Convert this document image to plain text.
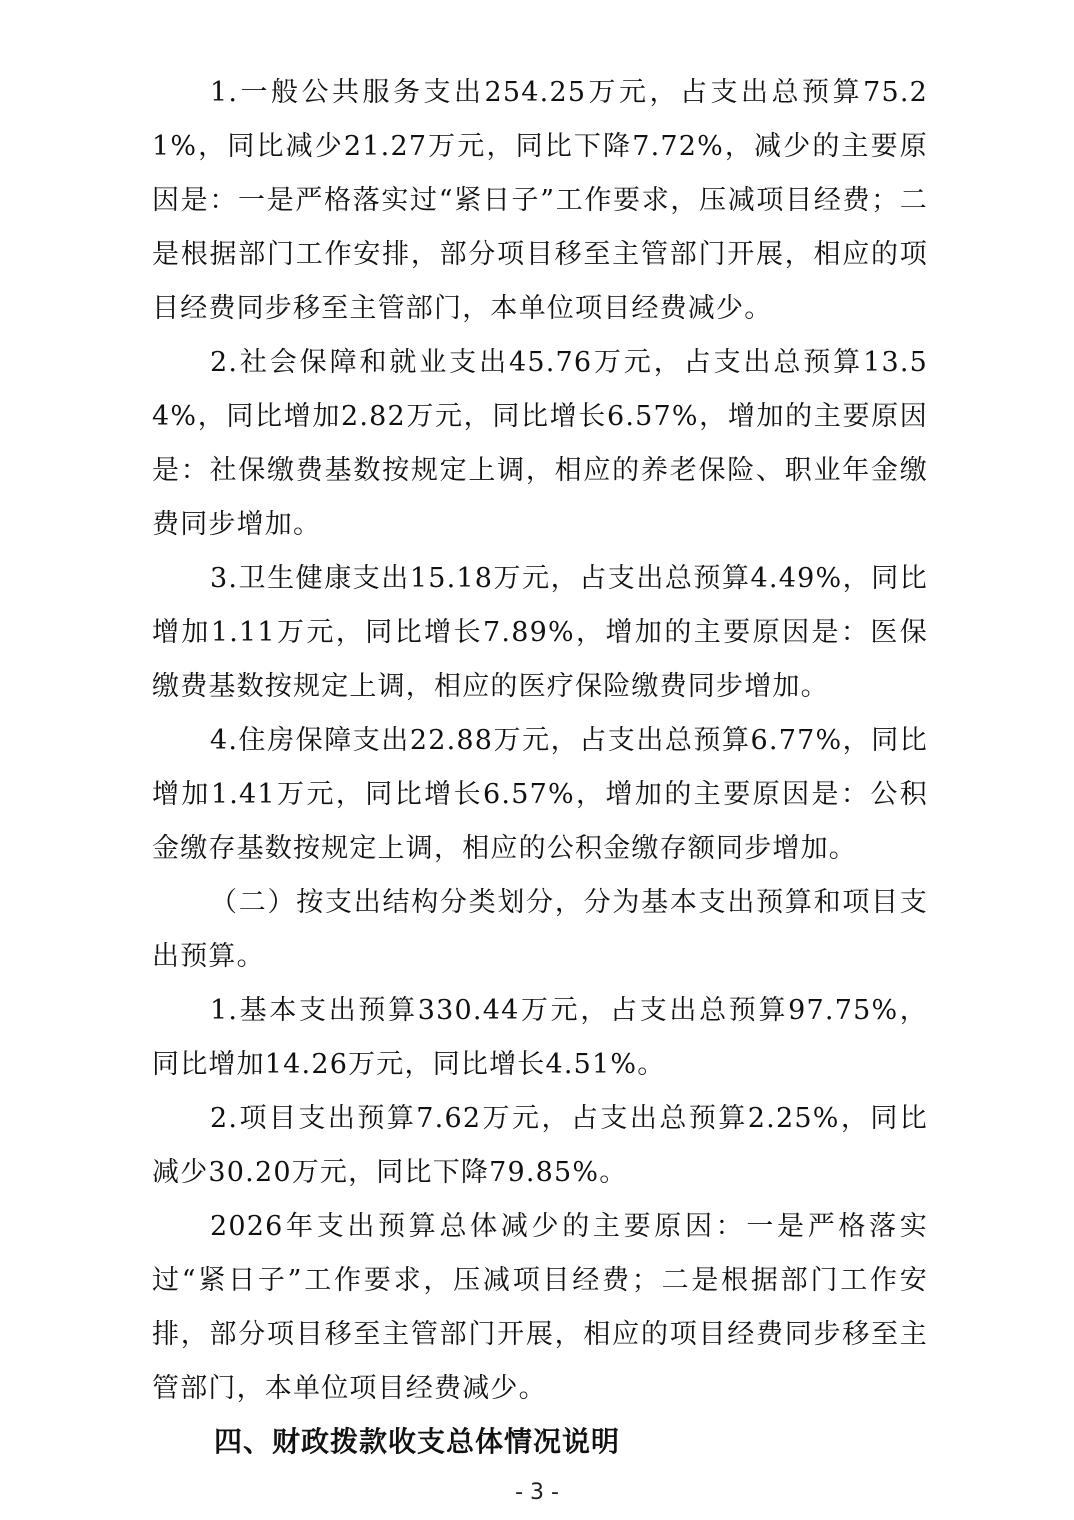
1.一般公共服务支出254.25万元，占支出总预算75.21%，同比减少21.27万元，同比下降7.72%，减少的主要原因是：一是严格落实过“紧日子”工作要求，压减项目经费；二是根据部门工作安排，部分项目移至主管部门开展，相应的项目经费同步移至主管部门，本单位项目经费减少。

2.社会保障和就业支出45.76万元，占支出总预算13.54%，同比增加2.82万元，同比增长6.57%，增加的主要原因是：社保缴费基数按规定上调，相应的养老保险、职业年金缴费同步增加。

3.卫生健康支出15.18万元，占支出总预算4.49%，同比增加1.11万元，同比增长7.89%，增加的主要原因是：医保缴费基数按规定上调，相应的医疗保险缴费同步增加。

4.住房保障支出22.88万元，占支出总预算6.77%，同比增加1.41万元，同比增长6.57%，增加的主要原因是：公积金缴存基数按规定上调，相应的公积金缴存额同步增加。

（二）按支出结构分类划分，分为基本支出预算和项目支出预算。

1.基本支出预算330.44万元，占支出总预算97.75%，同比增加14.26万元，同比增长4.51%。

2.项目支出预算7.62万元，占支出总预算2.25%，同比减少30.20万元，同比下降79.85%。

2026年支出预算总体减少的主要原因：一是严格落实过“紧日子”工作要求，压减项目经费；二是根据部门工作安排，部分项目移至主管部门开展，相应的项目经费同步移至主管部门，本单位项目经费减少。

四、财政拨款收支总体情况说明
- 3 -
